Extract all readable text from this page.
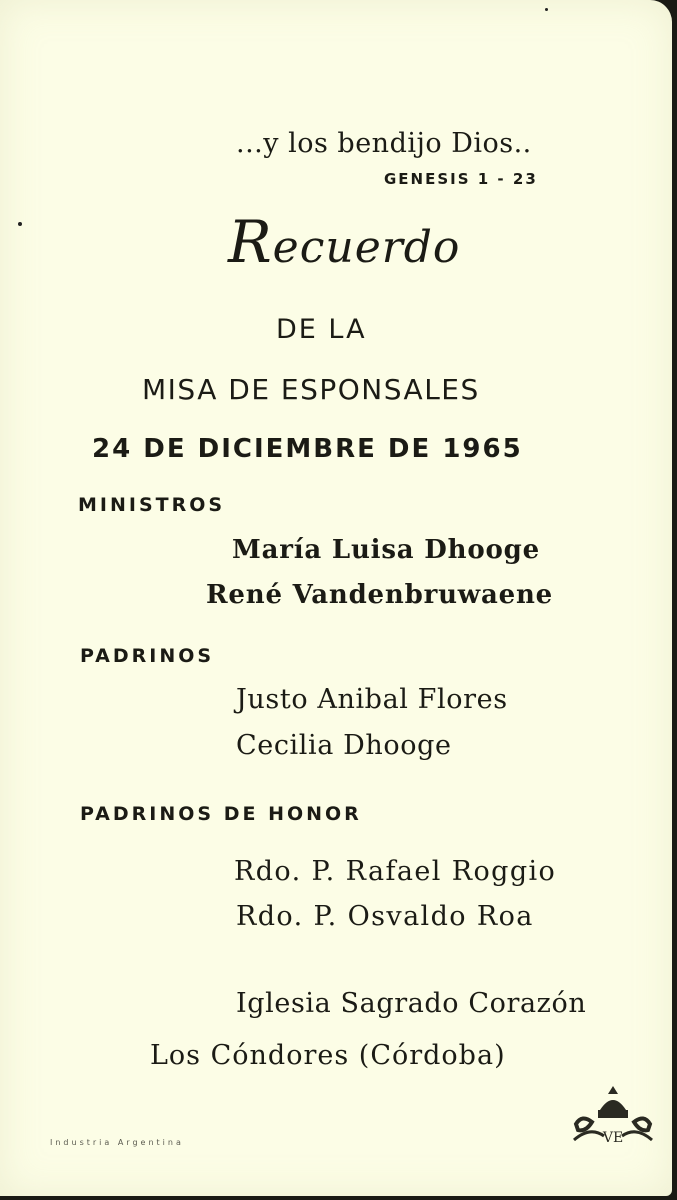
...y los bendijo Dios..
GENESIS 1 - 23
Recuerdo
DE LA
MISA DE ESPONSALES
24 DE DICIEMBRE DE 1965
MINISTROS
María Luisa Dhooge
René Vandenbruwaene
PADRINOS
Justo Anibal Flores
Cecilia Dhooge
PADRINOS DE HONOR
Rdo. P. Rafael Roggio
Rdo. P. Osvaldo Roa
Iglesia Sagrado Corazón
Los Cóndores (Córdoba)
Industria Argentina	VE
